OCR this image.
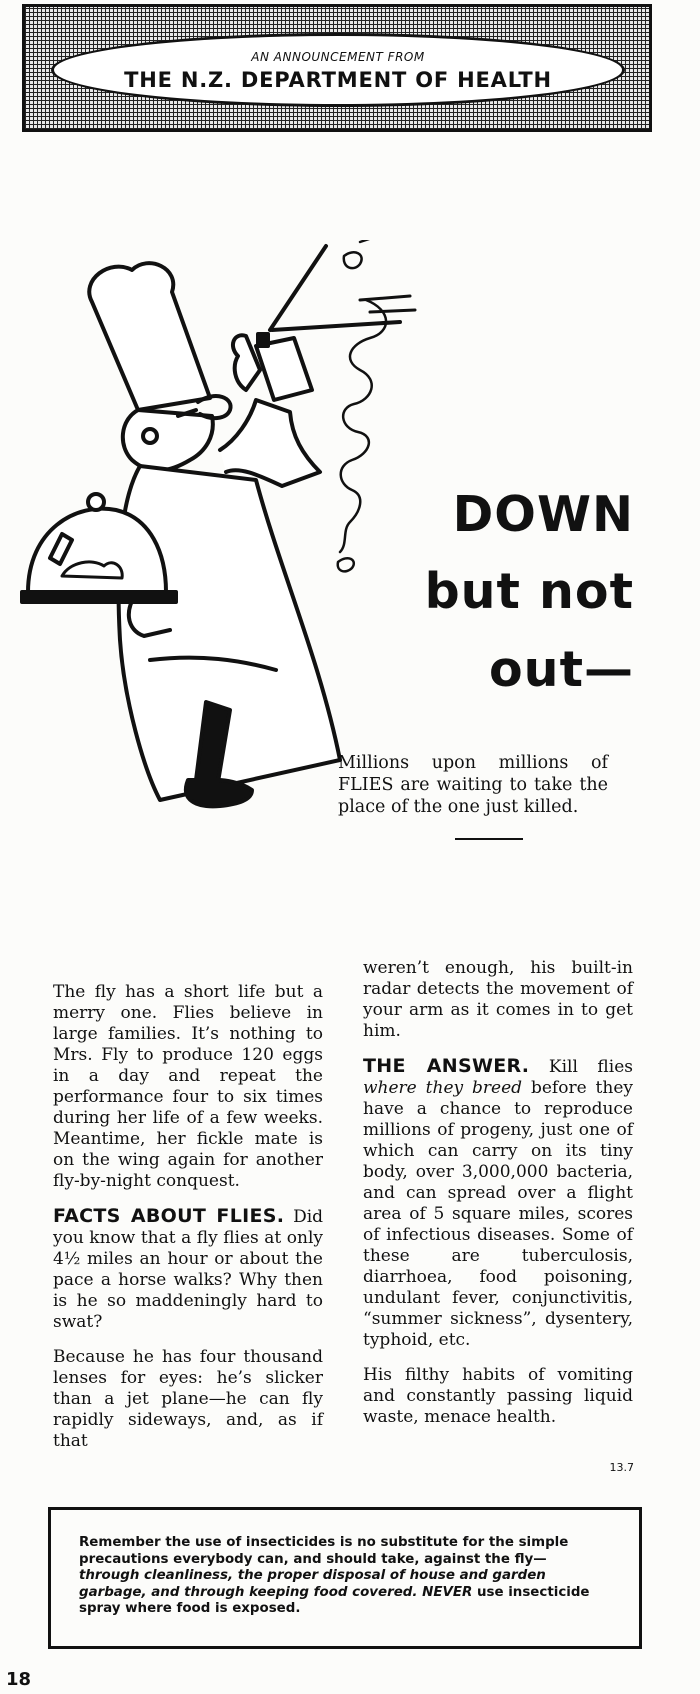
AN ANNOUNCEMENT FROM
THE N.Z. DEPARTMENT OF HEALTH
DOWN
but not
out—

Millions upon millions of FLIES are waiting to take the place of the one just killed.

The fly has a short life but a merry one. Flies believe in large families. It’s nothing to Mrs. Fly to produce 120 eggs in a day and repeat the performance four to six times during her life of a few weeks. Meantime, her fickle mate is on the wing again for another fly-by-night conquest.

FACTS ABOUT FLIES. Did you know that a fly flies at only 4½ miles an hour or about the pace a horse walks? Why then is he so maddeningly hard to swat?

Because he has four thousand lenses for eyes: he’s slicker than a jet plane—he can fly rapidly sideways, and, as if that

weren’t enough, his built-in radar detects the movement of your arm as it comes in to get him.

THE ANSWER. Kill flies where they breed before they have a chance to reproduce millions of progeny, just one of which can carry on its tiny body, over 3,000,000 bacteria, and can spread over a flight area of 5 square miles, scores of infectious diseases. Some of these are tuberculosis, diarrhoea, food poisoning, undulant fever, conjunctivitis, “summer sickness”, dysentery, typhoid, etc.

His filthy habits of vomiting and constantly passing liquid waste, menace health.

13.7
Remember the use of insecticides is no substitute for the simple precautions everybody can, and should take, against the fly— through cleanliness, the proper disposal of house and garden garbage, and through keeping food covered. NEVER use insecticide spray where food is exposed.
18
